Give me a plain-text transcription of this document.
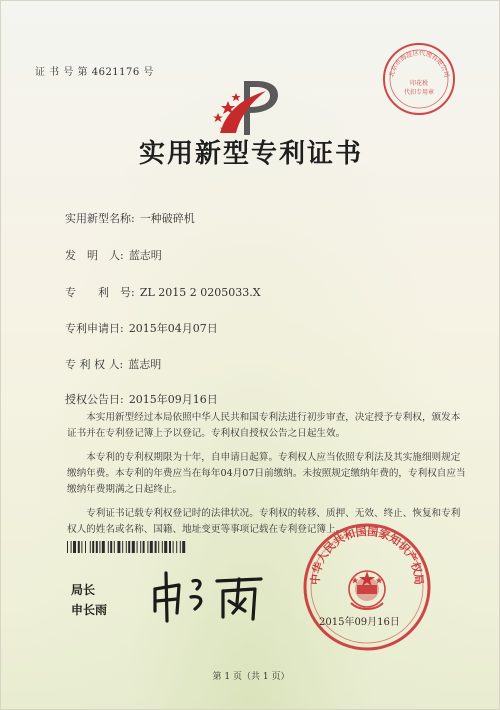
证 书 号 第 4621176 号	北京市海淀区代理有限公司
印花税
代扣专用章
实用新型专利证书
实用新型名称: 一种破碎机
发　明　人: 蓝志明
专　　利　号: ZL 2015 2 0205033.X
专利申请日: 2015年04月07日
专 利 权 人: 蓝志明
授权公告日: 2015年09月16日
本实用新型经过本局依照中华人民共和国专利法进行初步审查，决定授予专利权，颁发本证书并在专利登记簿上予以登记。专利权自授权公告之日起生效。
本专利的专利权期限为十年，自申请日起算。专利权人应当依照专利法及其实施细则规定缴纳年费。本专利的年费应当在每年04月07日前缴纳。未按照规定缴纳年费的，专利权自应当缴纳年费期满之日起终止。
专利证书记载专利权登记时的法律状况。专利权的转移、质押、无效、终止、恢复和专利权人的姓名或名称、国籍、地址变更等事项记载在专利登记簿上。
局长
申长雨
中华人民共和国国家知识产权局
2015年09月16日
第 1 页（共 1 页）
